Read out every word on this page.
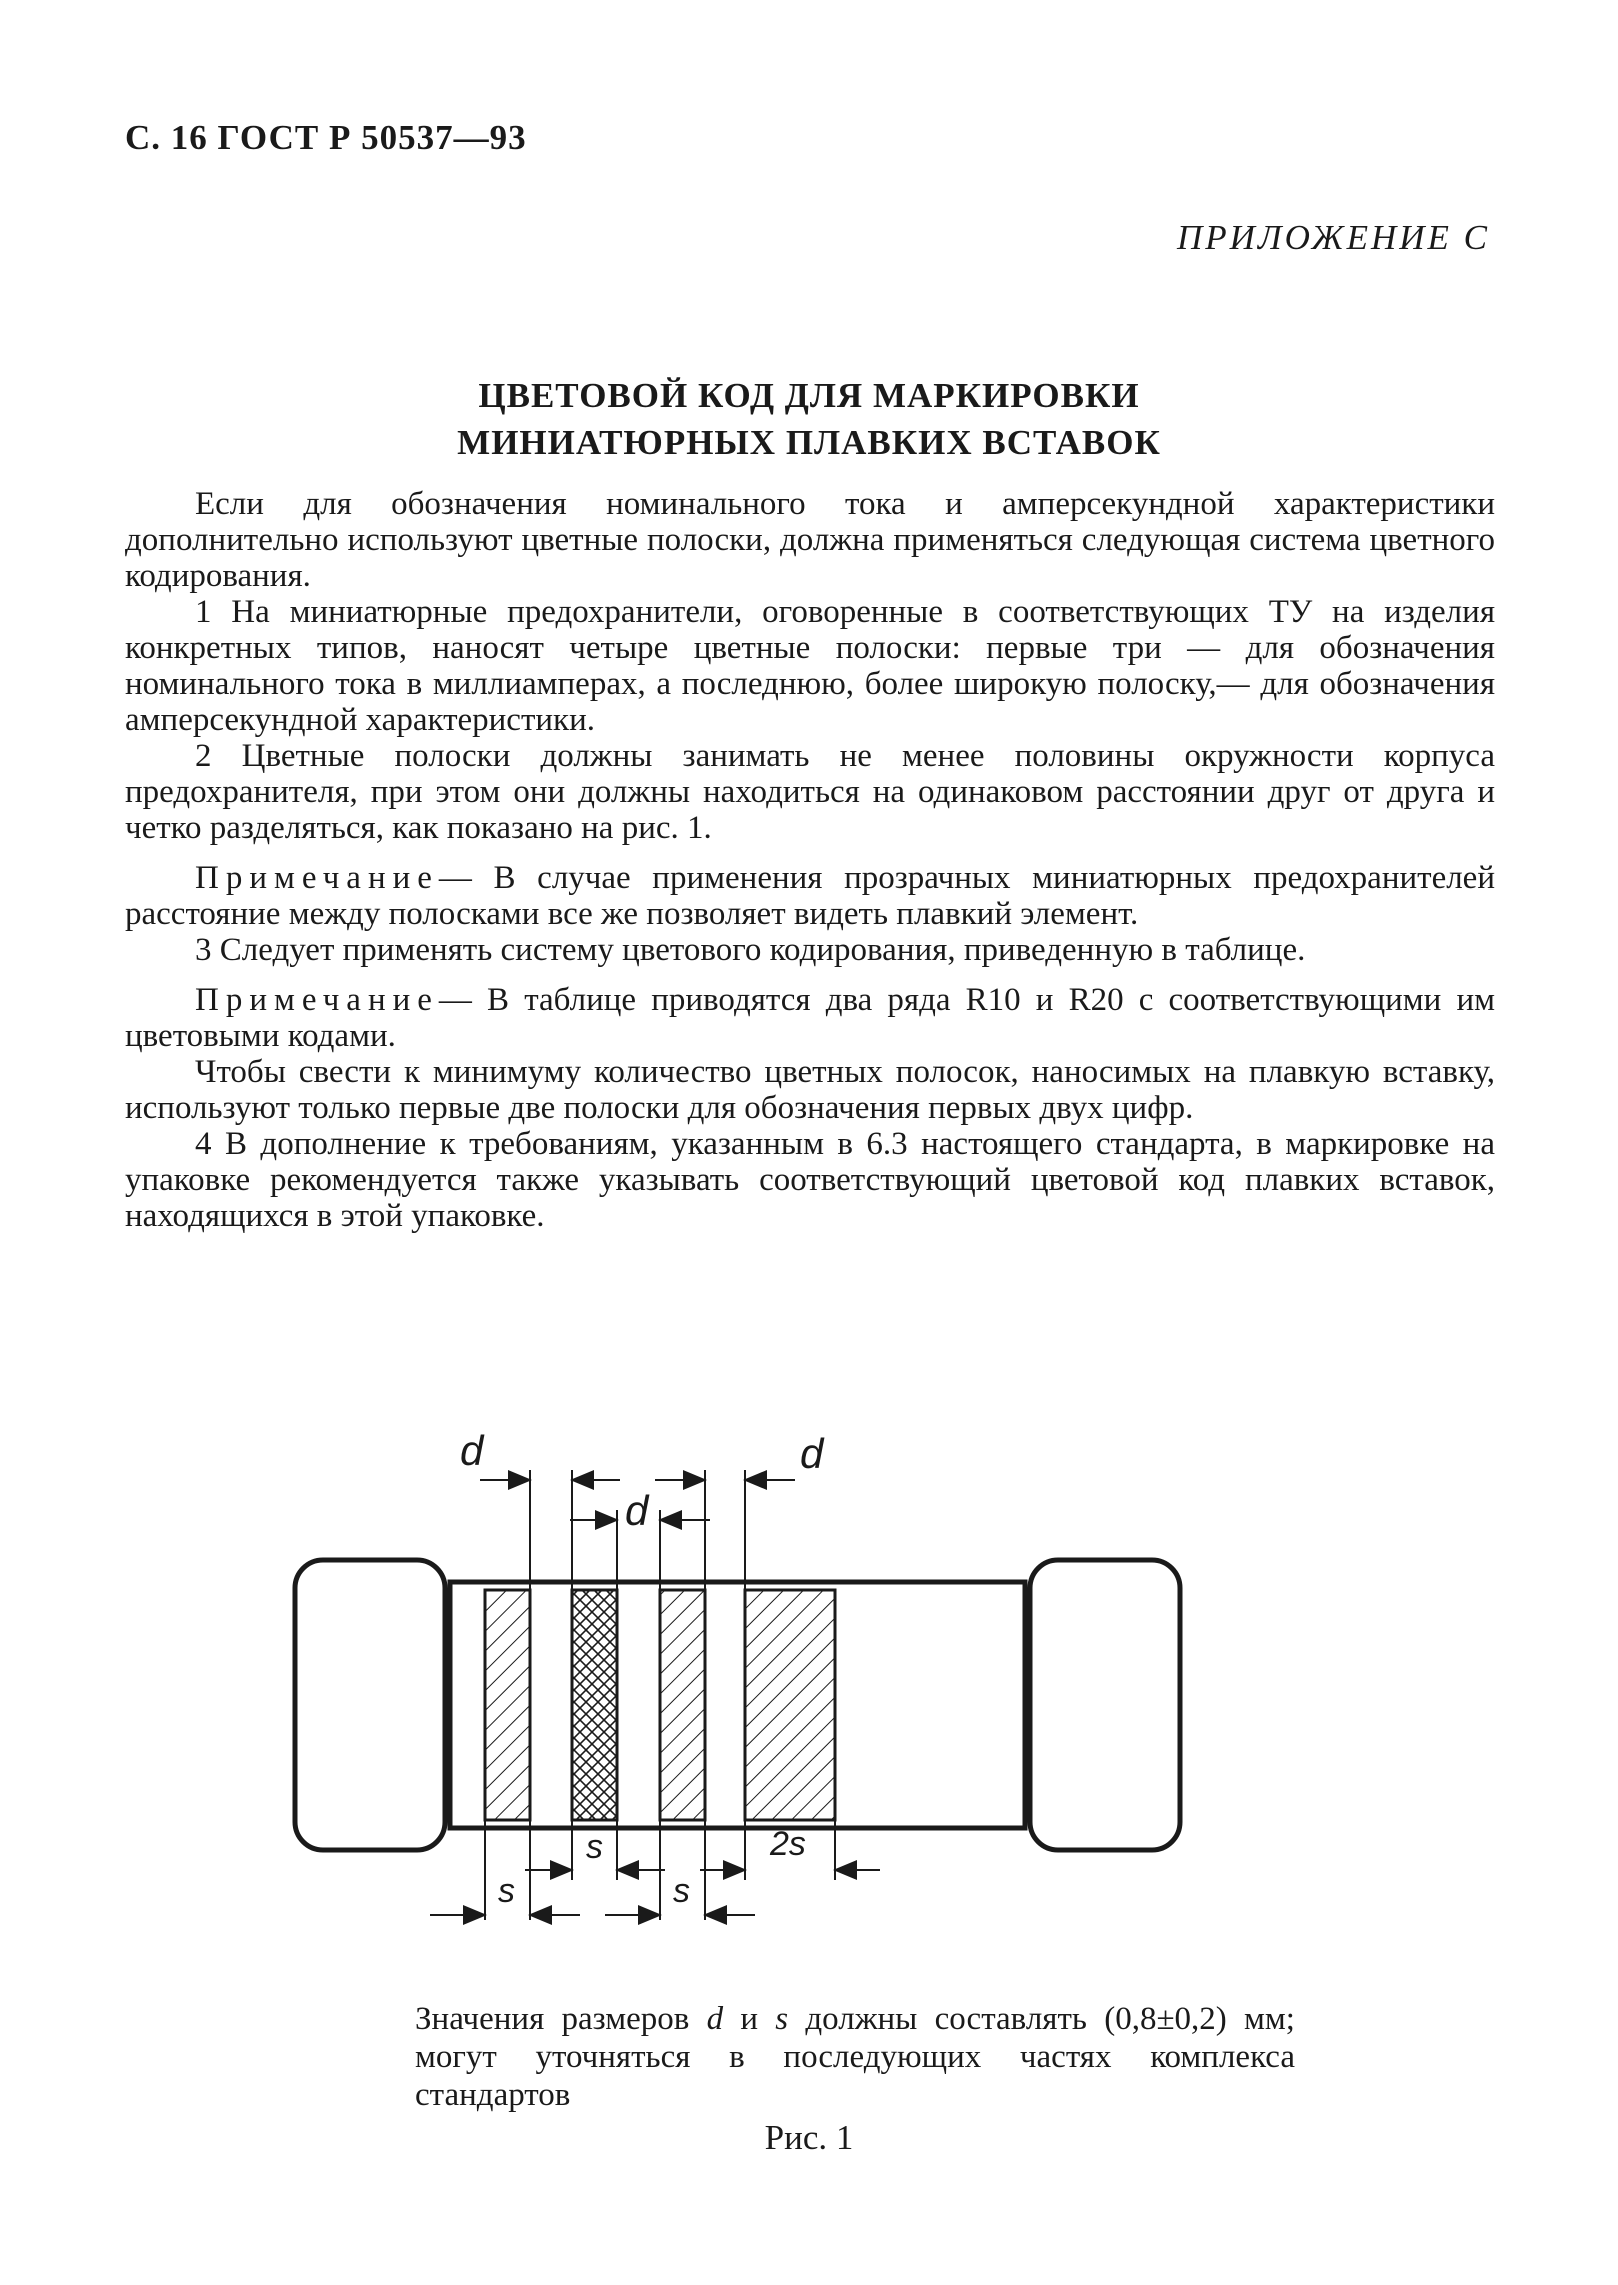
С. 16 ГОСТ Р 50537—93
ПРИЛОЖЕНИЕ С
ЦВЕТОВОЙ КОД ДЛЯ МАРКИРОВКИ
МИНИАТЮРНЫХ ПЛАВКИХ ВСТАВОК

Если для обозначения номинального тока и амперсекундной характеристики дополнительно используют цветные полоски, должна применяться следующая система цветного кодирования.

1 На миниатюрные предохранители, оговоренные в соответствующих ТУ на изделия конкретных типов, наносят четыре цветные полоски: первые три — для обозначения номинального тока в миллиамперах, а последнюю, более широкую полоску,— для обозначения амперсекундной характеристики.

2 Цветные полоски должны занимать не менее половины окружности корпуса предохранителя, при этом они должны находиться на одинаковом расстоянии друг от друга и четко разделяться, как показано на рис. 1.

Примечание— В случае применения прозрачных миниатюрных предохранителей расстояние между полосками все же позволяет видеть плавкий элемент.

3 Следует применять систему цветового кодирования, приведенную в таблице.

Примечание— В таблице приводятся два ряда R10 и R20 с соответствующими им цветовыми кодами.

Чтобы свести к минимуму количество цветных полосок, наносимых на плавкую вставку, используют только первые две полоски для обозначения первых двух цифр.

4 В дополнение к требованиям, указанным в 6.3 настоящего стандарта, в маркировке на упаковке рекомендуется также указывать соответствующий цветовой код плавких вставок, находящихся в этой упаковке.

d
d
d
s	2s
s	s
Значения размеров d и s должны составлять (0,8±0,2) мм; могут уточняться в последующих частях комплекса стандартов
Рис. 1
